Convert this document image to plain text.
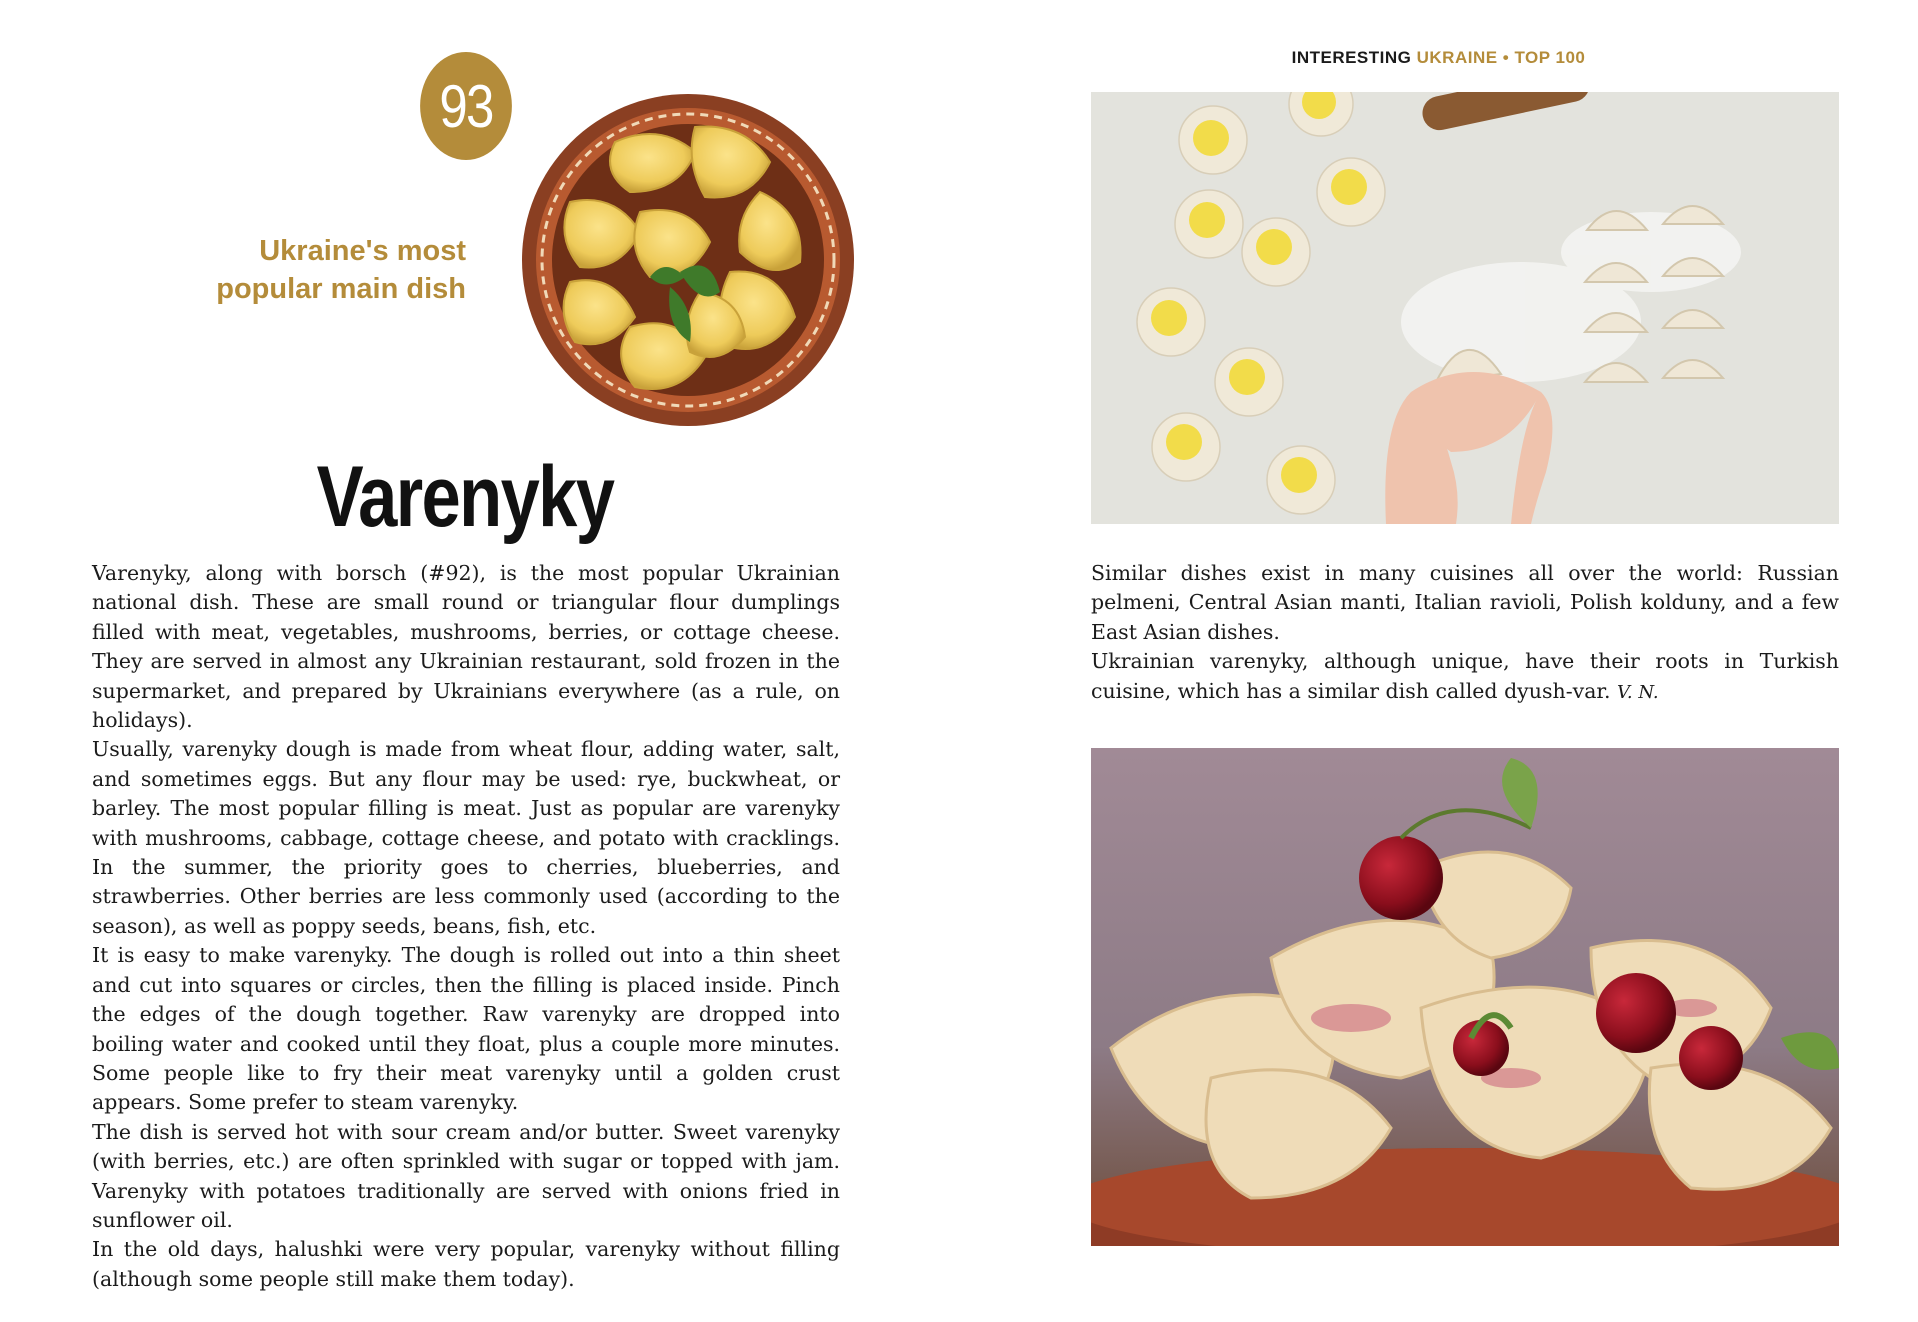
93
Ukraine's most
popular main dish
Varenyky

Varenyky, along with borsch (#92), is the most popular Ukrainian national dish. These are small round or triangular flour dumplings filled with meat, vegetables, mushrooms, berries, or cottage cheese. They are served in almost any Ukrainian restaurant, sold frozen in the supermarket, and prepared by Ukrainians everywhere (as a rule, on holidays).

Usually, varenyky dough is made from wheat flour, adding water, salt, and sometimes eggs. But any flour may be used: rye, buckwheat, or barley. The most popular filling is meat. Just as popular are varenyky with mushrooms, cabbage, cottage cheese, and potato with cracklings. In the summer, the priority goes to cherries, blueberries, and strawberries. Other berries are less commonly used (according to the season), as well as poppy seeds, beans, fish, etc.

It is easy to make varenyky. The dough is rolled out into a thin sheet and cut into squares or circles, then the filling is placed inside. Pinch the edges of the dough together. Raw varenyky are dropped into boiling water and cooked until they float, plus a couple more minutes. Some people like to fry their meat varenyky until a golden crust appears. Some prefer to steam varenyky.

The dish is served hot with sour cream and/or butter. Sweet varenyky (with berries, etc.) are often sprinkled with sugar or topped with jam. Varenyky with potatoes traditionally are served with onions fried in sunflower oil.

In the old days, halushki were very popular, varenyky without filling (although some people still make them today).

INTERESTING UKRAINE • TOP 100

Similar dishes exist in many cuisines all over the world: Russian pelmeni, Central Asian manti, Italian ravioli, Polish kolduny, and a few East Asian dishes.

Ukrainian varenyky, although unique, have their roots in Turkish cuisine, which has a similar dish called dyush-var. V. N.
